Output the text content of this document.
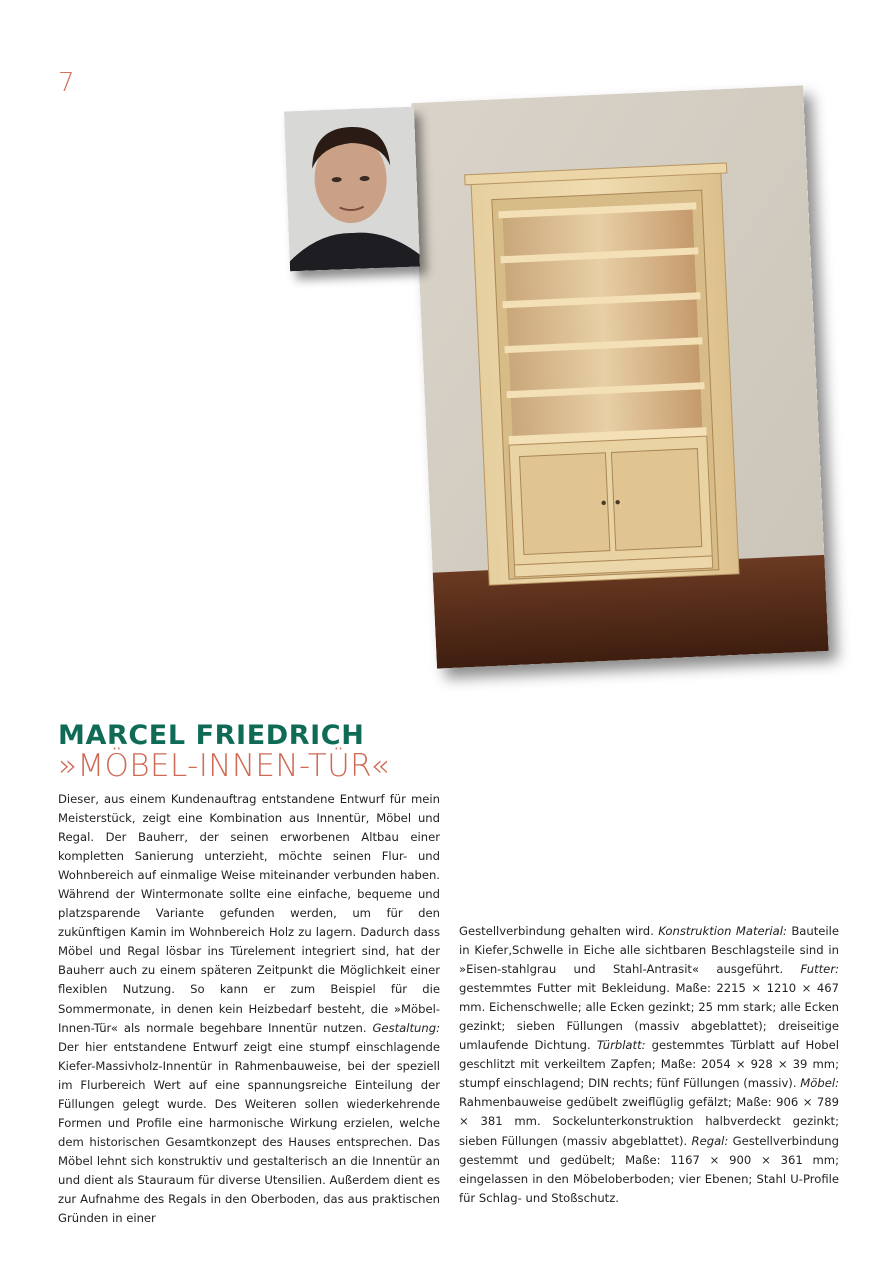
7
MARCEL FRIEDRICH
»MÖBEL-INNEN-TÜR«
Dieser, aus einem Kundenauftrag entstandene Entwurf für mein Meisterstück, zeigt eine Kombination aus Innentür, Möbel und Regal. Der Bauherr, der seinen erworbenen Altbau einer kompletten Sanierung unterzieht, möchte seinen Flur- und Wohnbereich auf einmalige Weise miteinander verbunden haben. Während der Wintermonate sollte eine einfache, bequeme und platzsparende Variante gefunden werden, um für den zukünftigen Kamin im Wohnbereich Holz zu lagern. Dadurch dass Möbel und Regal lösbar ins Türelement integriert sind, hat der Bauherr auch zu einem späteren Zeitpunkt die Möglichkeit einer flexiblen Nutzung. So kann er zum Beispiel für die Sommermonate, in denen kein Heizbedarf besteht, die »Möbel-Innen-Tür« als normale begehbare Innentür nutzen. Gestaltung: Der hier entstandene Entwurf zeigt eine stumpf einschlagende Kiefer-Massivholz-Innentür in Rahmenbauweise, bei der speziell im Flurbereich Wert auf eine spannungsreiche Einteilung der Füllungen gelegt wurde. Des Weiteren sollen wiederkehrende Formen und Profile eine harmonische Wirkung erzielen, welche dem historischen Gesamtkonzept des Hauses entsprechen. Das Möbel lehnt sich konstruktiv und gestalterisch an die Innentür an und dient als Stauraum für diverse Utensilien. Außerdem dient es zur Aufnahme des Regals in den Oberboden, das aus praktischen Gründen in einer
Gestellverbindung gehalten wird. Konstruktion Material: Bauteile in Kiefer,Schwelle in Eiche alle sichtbaren Beschlagsteile sind in »Eisen-stahlgrau und Stahl-Antrasit« ausgeführt. Futter: gestemmtes Futter mit Bekleidung. Maße: 2215 × 1210 × 467 mm. Eichenschwelle; alle Ecken gezinkt; 25 mm stark; alle Ecken gezinkt; sieben Füllungen (massiv abgeblattet); dreiseitige umlaufende Dichtung. Türblatt: gestemmtes Türblatt auf Hobel geschlitzt mit verkeiltem Zapfen; Maße: 2054 × 928 × 39 mm; stumpf einschlagend; DIN rechts; fünf Füllungen (massiv). Möbel: Rahmenbauweise gedübelt zweiflüglig gefälzt; Maße: 906 × 789 × 381 mm. Sockelunterkonstruktion halbverdeckt gezinkt; sieben Füllungen (massiv abgeblattet). Regal: Gestellverbindung gestemmt und gedübelt; Maße: 1167 × 900 × 361 mm; eingelassen in den Möbeloberboden; vier Ebenen; Stahl U-Profile für Schlag- und Stoßschutz.
